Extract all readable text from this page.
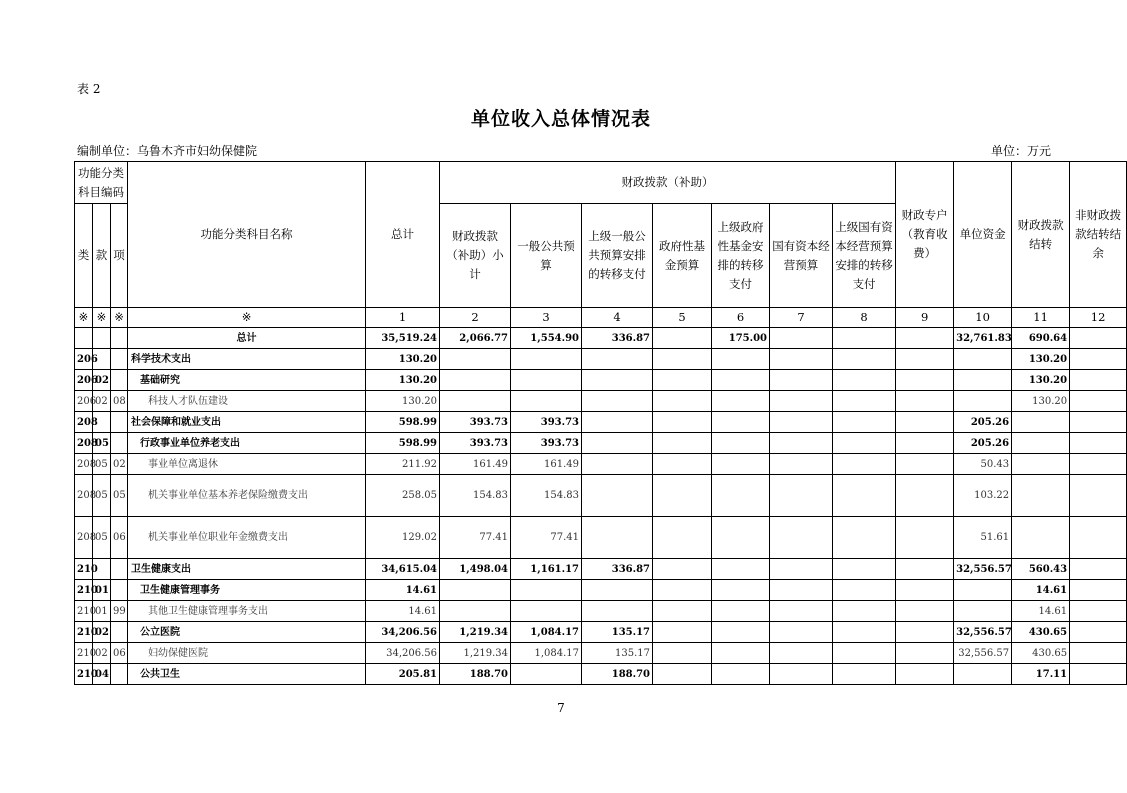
表 2
单位收入总体情况表
编制单位：乌鲁木齐市妇幼保健院	单位：万元
功能分类科目编码			功能分类科目名称	总计	财政拨款（补助）							财政专户（教育收费）	单位资金	财政拨款结转	非财政拨款结转结余
类	款	项			财政拨款（补助）小计	一般公共预算	上级一般公共预算安排的转移支付	政府性基金预算	上级政府性基金安排的转移支付	国有资本经营预算	上级国有资本经营预算安排的转移支付				

※	※	※	※	1	2	3	4	5	6	7	8	9	10	11	12
			总计	35,519.24	2,066.77	1,554.90	336.87		175.00				32,761.83	690.64	
206			科学技术支出	130.20										130.20	
206	02		基础研究	130.20										130.20	
206	02	08	科技人才队伍建设	130.20										130.20	
208			社会保障和就业支出	598.99	393.73	393.73							205.26		
208	05		行政事业单位养老支出	598.99	393.73	393.73							205.26		
208	05	02	事业单位离退休	211.92	161.49	161.49							50.43		
208	05	05	机关事业单位基本养老保险缴费支出	258.05	154.83	154.83							103.22		
208	05	06	机关事业单位职业年金缴费支出	129.02	77.41	77.41							51.61		
210			卫生健康支出	34,615.04	1,498.04	1,161.17	336.87						32,556.57	560.43	
210	01		卫生健康管理事务	14.61										14.61	
210	01	99	其他卫生健康管理事务支出	14.61										14.61	
210	02		公立医院	34,206.56	1,219.34	1,084.17	135.17						32,556.57	430.65	
210	02	06	妇幼保健医院	34,206.56	1,219.34	1,084.17	135.17						32,556.57	430.65	
210	04		公共卫生	205.81	188.70		188.70							17.11	
7
